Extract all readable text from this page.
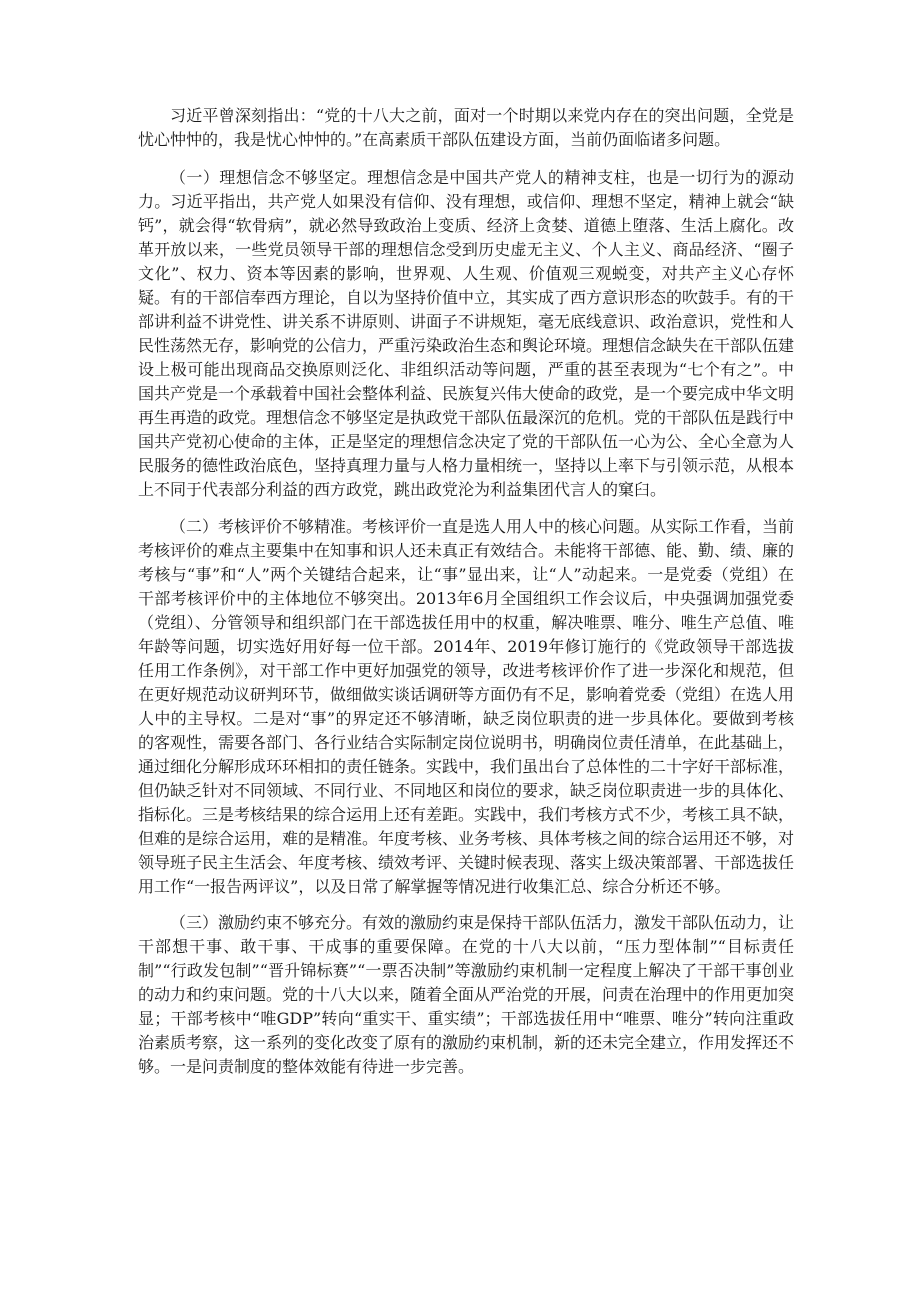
习近平曾深刻指出：“党的十八大之前，面对一个时期以来党内存在的突出问题，全党是忧心忡忡的，我是忧心忡忡的。”在高素质干部队伍建设方面，当前仍面临诸多问题。

（一）理想信念不够坚定。理想信念是中国共产党人的精神支柱，也是一切行为的源动力。习近平指出，共产党人如果没有信仰、没有理想，或信仰、理想不坚定，精神上就会“缺钙”，就会得“软骨病”，就必然导致政治上变质、经济上贪婪、道德上堕落、生活上腐化。改革开放以来，一些党员领导干部的理想信念受到历史虚无主义、个人主义、商品经济、“圈子文化”、权力、资本等因素的影响，世界观、人生观、价值观三观蜕变，对共产主义心存怀疑。有的干部信奉西方理论，自以为坚持价值中立，其实成了西方意识形态的吹鼓手。有的干部讲利益不讲党性、讲关系不讲原则、讲面子不讲规矩，毫无底线意识、政治意识，党性和人民性荡然无存，影响党的公信力，严重污染政治生态和舆论环境。理想信念缺失在干部队伍建设上极可能出现商品交换原则泛化、非组织活动等问题，严重的甚至表现为“七个有之”。中国共产党是一个承载着中国社会整体利益、民族复兴伟大使命的政党，是一个要完成中华文明再生再造的政党。理想信念不够坚定是执政党干部队伍最深沉的危机。党的干部队伍是践行中国共产党初心使命的主体，正是坚定的理想信念决定了党的干部队伍一心为公、全心全意为人民服务的德性政治底色，坚持真理力量与人格力量相统一，坚持以上率下与引领示范，从根本上不同于代表部分利益的西方政党，跳出政党沦为利益集团代言人的窠臼。

（二）考核评价不够精准。考核评价一直是选人用人中的核心问题。从实际工作看，当前考核评价的难点主要集中在知事和识人还未真正有效结合。未能将干部德、能、勤、绩、廉的考核与“事”和“人”两个关键结合起来，让“事”显出来，让“人”动起来。一是党委（党组）在干部考核评价中的主体地位不够突出。2013年6月全国组织工作会议后，中央强调加强党委（党组）、分管领导和组织部门在干部选拔任用中的权重，解决唯票、唯分、唯生产总值、唯年龄等问题，切实选好用好每一位干部。2014年、2019年修订施行的《党政领导干部选拔任用工作条例》，对干部工作中更好加强党的领导，改进考核评价作了进一步深化和规范，但在更好规范动议研判环节，做细做实谈话调研等方面仍有不足，影响着党委（党组）在选人用人中的主导权。二是对“事”的界定还不够清晰，缺乏岗位职责的进一步具体化。要做到考核的客观性，需要各部门、各行业结合实际制定岗位说明书，明确岗位责任清单，在此基础上，通过细化分解形成环环相扣的责任链条。实践中，我们虽出台了总体性的二十字好干部标准，但仍缺乏针对不同领域、不同行业、不同地区和岗位的要求，缺乏岗位职责进一步的具体化、指标化。三是考核结果的综合运用上还有差距。实践中，我们考核方式不少，考核工具不缺，但难的是综合运用，难的是精准。年度考核、业务考核、具体考核之间的综合运用还不够，对领导班子民主生活会、年度考核、绩效考评、关键时候表现、落实上级决策部署、干部选拔任用工作“一报告两评议”，以及日常了解掌握等情况进行收集汇总、综合分析还不够。

（三）激励约束不够充分。有效的激励约束是保持干部队伍活力，激发干部队伍动力，让干部想干事、敢干事、干成事的重要保障。在党的十八大以前，“压力型体制”“目标责任制”“行政发包制”“晋升锦标赛”“一票否决制”等激励约束机制一定程度上解决了干部干事创业的动力和约束问题。党的十八大以来，随着全面从严治党的开展，问责在治理中的作用更加突显；干部考核中“唯GDP”转向“重实干、重实绩”；干部选拔任用中“唯票、唯分”转向注重政治素质考察，这一系列的变化改变了原有的激励约束机制，新的还未完全建立，作用发挥还不够。一是问责制度的整体效能有待进一步完善。
